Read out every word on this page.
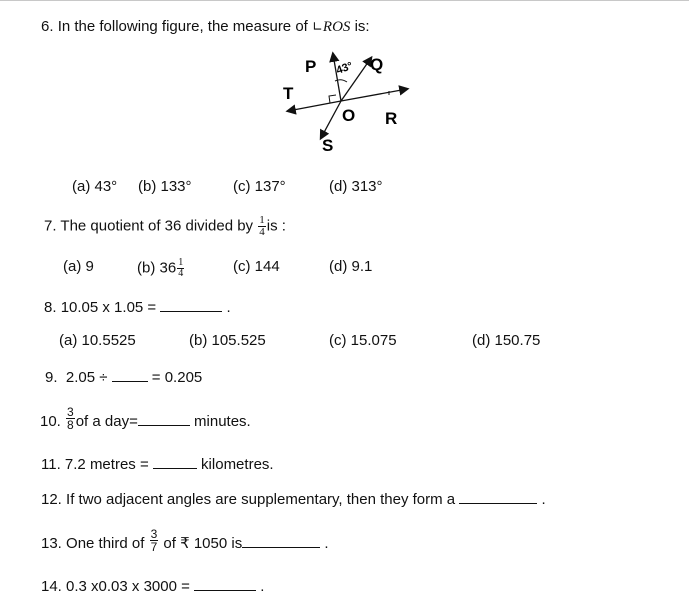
6. In the following figure, the measure of ∟ROS is:
P	Q
T
O R
S
43°
(a) 43° (b) 133°	(c) 137°	(d) 313°
7. The quotient of 36 divided by $\frac{1}{4}$ is :
(a) 9	(b) $36 \frac{1}{4}$	(c) 144	(d) 9.1
8. 10.05 x 1.05 =	.
(a) 10.5525	(b) 105.525	(c) 15.075	(d) 150.75
9. 2.05 ÷  = 0.205
10. $\frac{3}{8}$ of a day=	minutes.
11. 7.2 metres =	kilometres.
12. If two adjacent angles are supplementary, then they form a	.
13. One third of $\frac{3}{7}$ of ₹ 1050 is	.
14. 0.3 x0.03 x 3000 =	.
